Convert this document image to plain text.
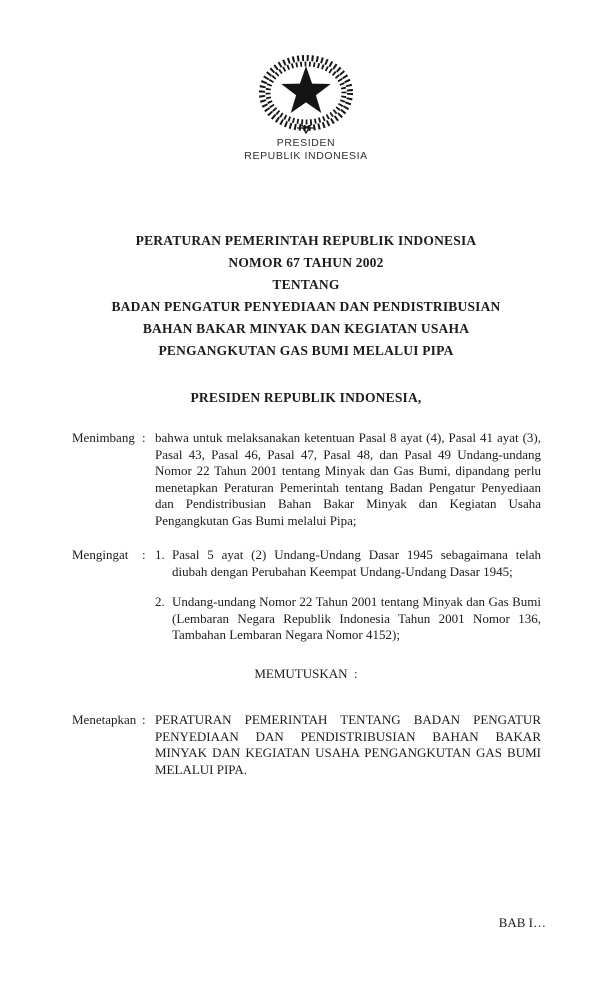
PRESIDEN
REPUBLIK INDONESIA
PERATURAN PEMERINTAH REPUBLIK INDONESIA
NOMOR 67 TAHUN 2002
TENTANG
BADAN PENGATUR PENYEDIAAN DAN PENDISTRIBUSIAN
BAHAN BAKAR MINYAK DAN KEGIATAN USAHA
PENGANGKUTAN GAS BUMI MELALUI PIPA
PRESIDEN REPUBLIK INDONESIA,
Menimbang : bahwa untuk melaksanakan ketentuan Pasal 8 ayat (4), Pasal 41 ayat (3), Pasal 43, Pasal 46, Pasal 47, Pasal 48, dan Pasal 49 Undang-undang Nomor 22 Tahun 2001 tentang Minyak dan Gas Bumi, dipandang perlu menetapkan Peraturan Pemerintah tentang Badan Pengatur Penyediaan dan Pendistribusian Bahan Bakar Minyak dan Kegiatan Usaha Pengangkutan Gas Bumi melalui Pipa;
Mengingat	: 1. Pasal 5 ayat (2) Undang-Undang Dasar 1945 sebagaimana telah diubah dengan Perubahan Keempat Undang-Undang Dasar 1945;
2. Undang-undang Nomor 22 Tahun 2001 tentang Minyak dan Gas Bumi (Lembaran Negara Republik Indonesia Tahun 2001 Nomor 136, Tambahan Lembaran Negara Nomor 4152);
MEMUTUSKAN  :
Menetapkan : PERATURAN PEMERINTAH TENTANG BADAN PENGATUR PENYEDIAAN DAN PENDISTRIBUSIAN BAHAN BAKAR MINYAK DAN KEGIATAN USAHA PENGANGKUTAN GAS BUMI MELALUI PIPA.
BAB I…
